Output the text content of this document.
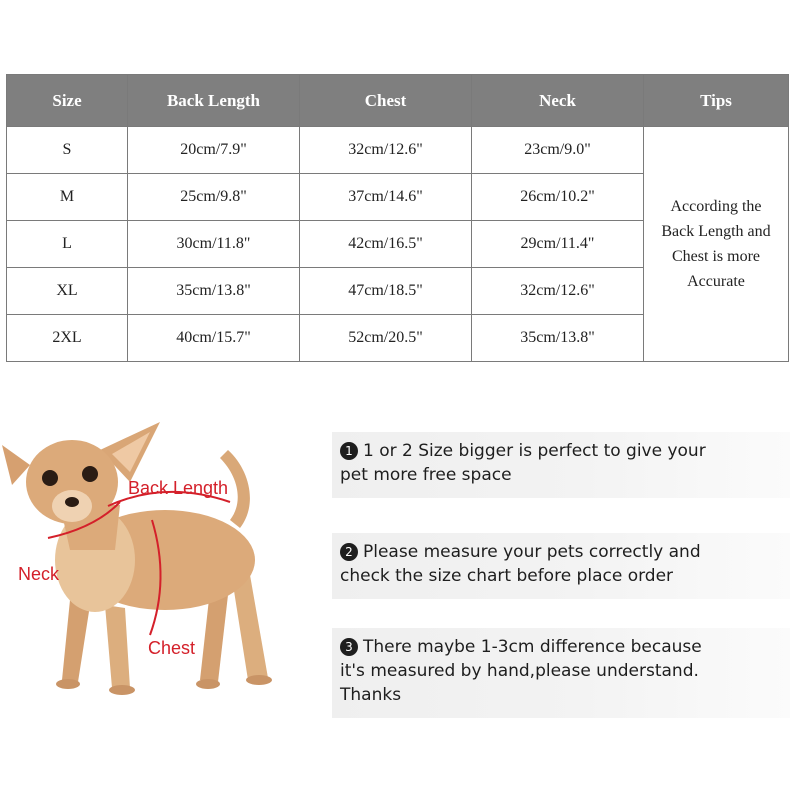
Size	Back Length	Chest	Neck	Tips
S	20cm/7.9"	32cm/12.6"	23cm/9.0"	According the
Back Length and
Chest is more
Accurate

M	25cm/9.8"	37cm/14.6"	26cm/10.2"	
L	30cm/11.8"	42cm/16.5"	29cm/11.4"	
XL	35cm/13.8"	47cm/18.5"	32cm/12.6"	
2XL	40cm/15.7"	52cm/20.5"	35cm/13.8"	
Back Length
Neck
Chest
1 1 or 2 Size bigger is perfect to give your
pet more free space
2 Please measure your pets correctly and
check the size chart before place order
3 There maybe 1-3cm difference because
it's measured by hand,please understand.
Thanks
